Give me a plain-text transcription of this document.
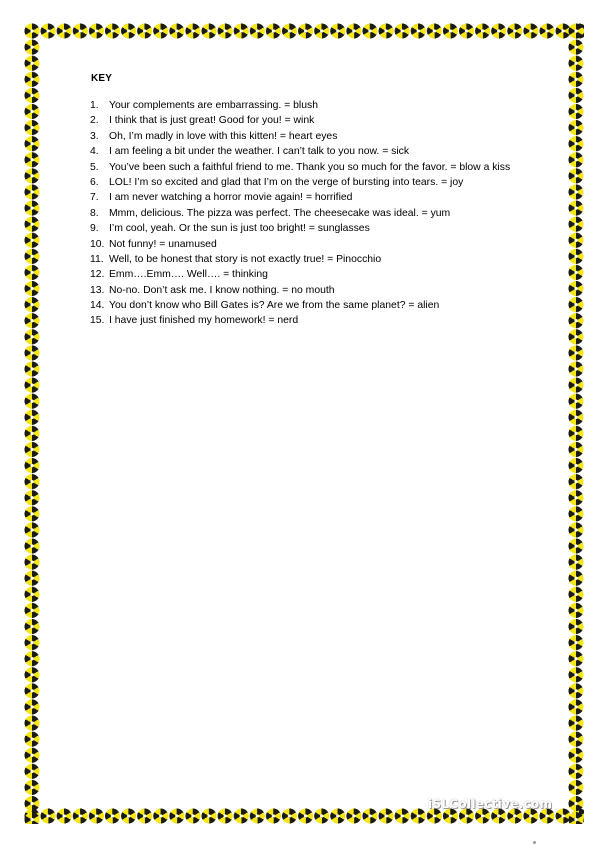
KEY
1. Your complements are embarrassing. = blush
2. I think that is just great! Good for you! = wink
3. Oh, I’m madly in love with this kitten! = heart eyes
4. I am feeling a bit under the weather. I can’t talk to you now. = sick
5. You’ve been such a faithful friend to me. Thank you so much for the favor. = blow a kiss
6. LOL! I’m so excited and glad that I’m on the verge of bursting into tears. = joy
7. I am never watching a horror movie again! = horrified
8. Mmm, delicious. The pizza was perfect. The cheesecake was ideal. = yum
9. I’m cool, yeah. Or the sun is just too bright! = sunglasses
10. Not funny! = unamused
11. Well, to be honest that story is not exactly true! = Pinocchio
12. Emm….Emm…. Well…. = thinking
13. No-no. Don’t ask me. I know nothing. = no mouth
14. You don’t know who Bill Gates is? Are we from the same planet? = alien
15. I have just finished my homework! = nerd
iSLCollective.com
